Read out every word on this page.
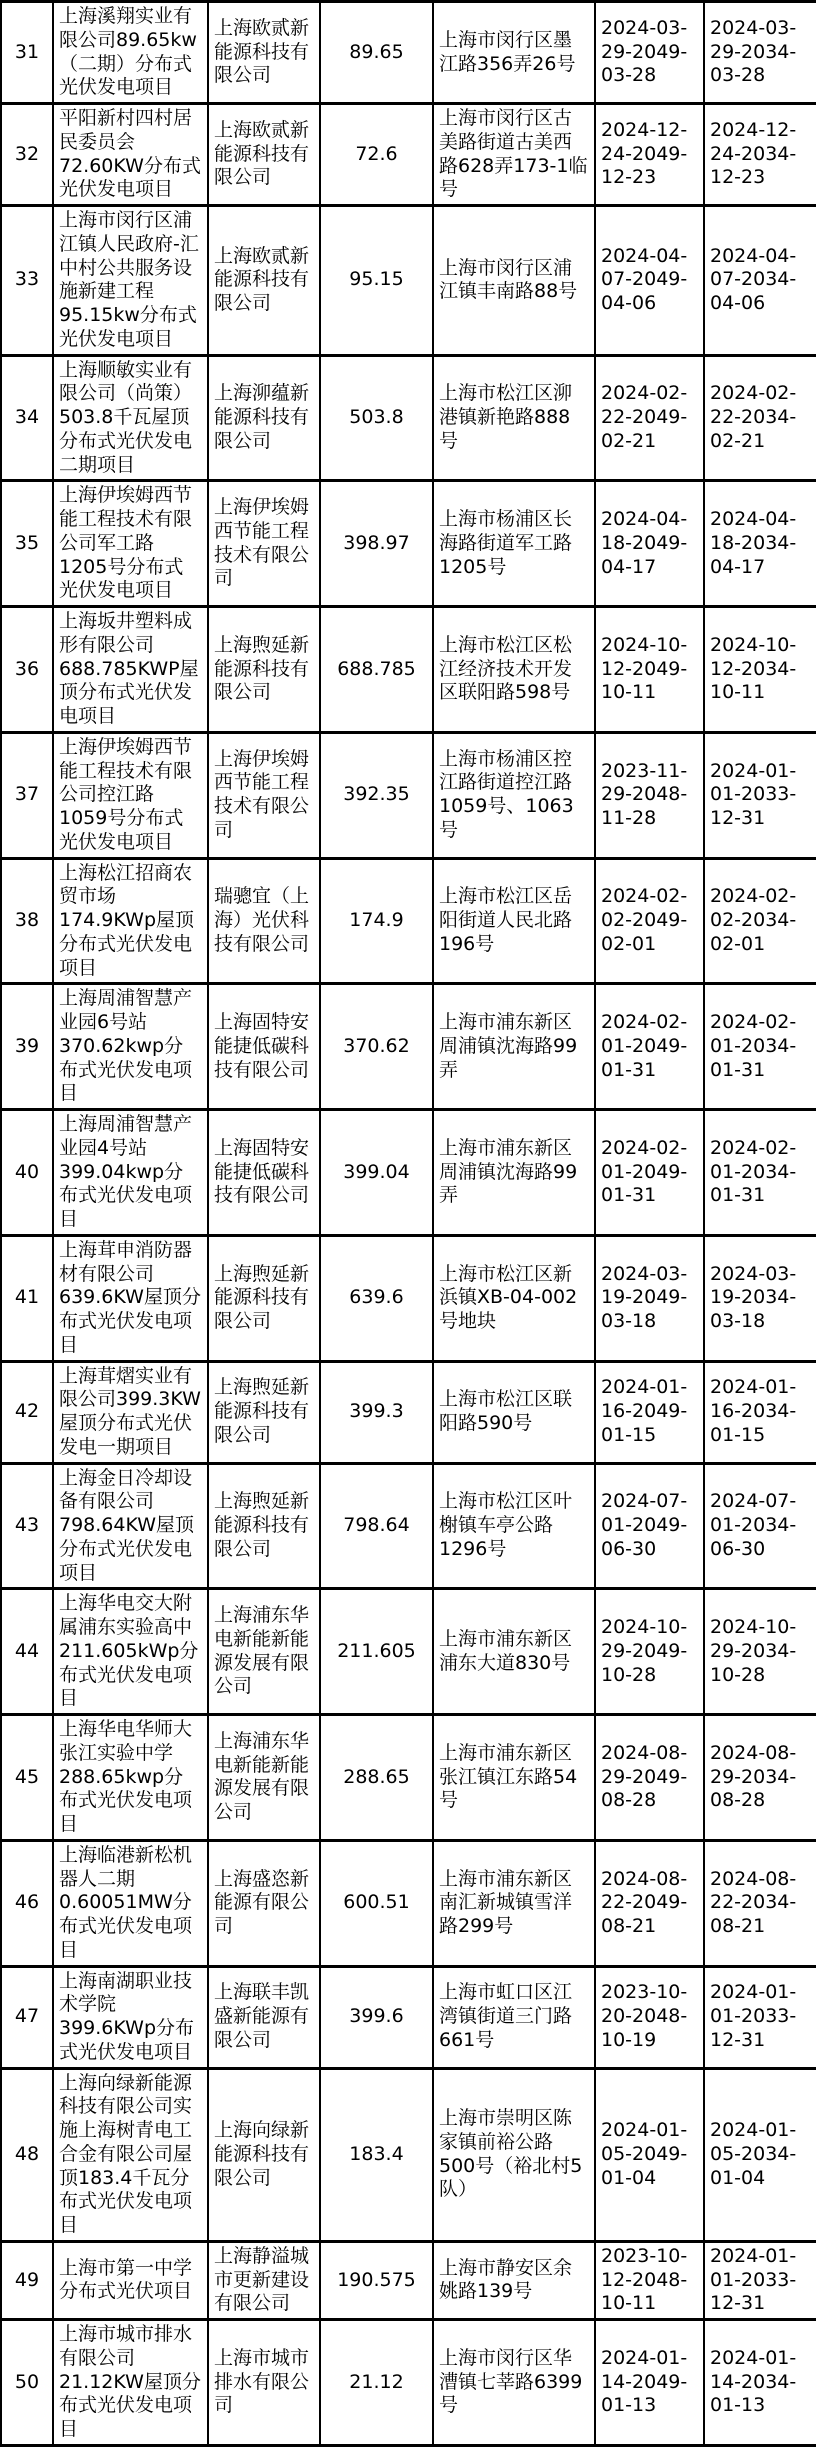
31	上海溪翔实业有限公司89.65kw（二期）分布式光伏发电项目	上海欧贰新能源科技有限公司	89.65	上海市闵行区墨江路356弄26号	2024-03-29-2049-03-28	2024-03-29-2034-03-28
32	平阳新村四村居民委员会72.60KW分布式光伏发电项目	上海欧贰新能源科技有限公司	72.6	上海市闵行区古美路街道古美西路628弄173-1临号	2024-12-24-2049-12-23	2024-12-24-2034-12-23
33	上海市闵行区浦江镇人民政府-汇中村公共服务设施新建工程95.15kw分布式光伏发电项目	上海欧贰新能源科技有限公司	95.15	上海市闵行区浦江镇丰南路88号	2024-04-07-2049-04-06	2024-04-07-2034-04-06
34	上海顺敏实业有限公司（尚策）503.8千瓦屋顶分布式光伏发电二期项目	上海泖蕴新能源科技有限公司	503.8	上海市松江区泖港镇新艳路888号	2024-02-22-2049-02-21	2024-02-22-2034-02-21
35	上海伊埃姆西节能工程技术有限公司军工路1205号分布式光伏发电项目	上海伊埃姆西节能工程技术有限公司	398.97	上海市杨浦区长海路街道军工路1205号	2024-04-18-2049-04-17	2024-04-18-2034-04-17
36	上海坂井塑料成形有限公司688.785KWP屋顶分布式光伏发电项目	上海煦延新能源科技有限公司	688.785	上海市松江区松江经济技术开发区联阳路598号	2024-10-12-2049-10-11	2024-10-12-2034-10-11
37	上海伊埃姆西节能工程技术有限公司控江路1059号分布式光伏发电项目	上海伊埃姆西节能工程技术有限公司	392.35	上海市杨浦区控江路街道控江路1059号、1063号	2023-11-29-2048-11-28	2024-01-01-2033-12-31
38	上海松江招商农贸市场174.9KWp屋顶分布式光伏发电项目	瑞骢宜（上海）光伏科技有限公司	174.9	上海市松江区岳阳街道人民北路196号	2024-02-02-2049-02-01	2024-02-02-2034-02-01
39	上海周浦智慧产业园6号站370.62kwp分布式光伏发电项目	上海固特安能捷低碳科技有限公司	370.62	上海市浦东新区周浦镇沈海路99弄	2024-02-01-2049-01-31	2024-02-01-2034-01-31
40	上海周浦智慧产业园4号站399.04kwp分布式光伏发电项目	上海固特安能捷低碳科技有限公司	399.04	上海市浦东新区周浦镇沈海路99弄	2024-02-01-2049-01-31	2024-02-01-2034-01-31
41	上海茸申消防器材有限公司639.6KW屋顶分布式光伏发电项目	上海煦延新能源科技有限公司	639.6	上海市松江区新浜镇XB-04-002号地块	2024-03-19-2049-03-18	2024-03-19-2034-03-18
42	上海茸熠实业有限公司399.3KW屋顶分布式光伏发电一期项目	上海煦延新能源科技有限公司	399.3	上海市松江区联阳路590号	2024-01-16-2049-01-15	2024-01-16-2034-01-15
43	上海金日冷却设备有限公司798.64KW屋顶分布式光伏发电项目	上海煦延新能源科技有限公司	798.64	上海市松江区叶榭镇车亭公路1296号	2024-07-01-2049-06-30	2024-07-01-2034-06-30
44	上海华电交大附属浦东实验高中211.605kWp分布式光伏发电项目	上海浦东华电新能新能源发展有限公司	211.605	上海市浦东新区浦东大道830号	2024-10-29-2049-10-28	2024-10-29-2034-10-28
45	上海华电华师大张江实验中学288.65kwp分布式光伏发电项目	上海浦东华电新能新能源发展有限公司	288.65	上海市浦东新区张江镇江东路54号	2024-08-29-2049-08-28	2024-08-29-2034-08-28
46	上海临港新松机器人二期0.60051MW分布式光伏发电项目	上海盛恣新能源有限公司	600.51	上海市浦东新区南汇新城镇雪洋路299号	2024-08-22-2049-08-21	2024-08-22-2034-08-21
47	上海南湖职业技术学院399.6KWp分布式光伏发电项目	上海联丰凯盛新能源有限公司	399.6	上海市虹口区江湾镇街道三门路661号	2023-10-20-2048-10-19	2024-01-01-2033-12-31
48	上海向绿新能源科技有限公司实施上海树青电工合金有限公司屋顶183.4千瓦分布式光伏发电项目	上海向绿新能源科技有限公司	183.4	上海市崇明区陈家镇前裕公路500号（裕北村5队）	2024-01-05-2049-01-04	2024-01-05-2034-01-04
49	上海市第一中学分布式光伏项目	上海静溢城市更新建设有限公司	190.575	上海市静安区余姚路139号	2023-10-12-2048-10-11	2024-01-01-2033-12-31
50	上海市城市排水有限公司21.12KW屋顶分布式光伏发电项目	上海市城市排水有限公司	21.12	上海市闵行区华漕镇七莘路6399号	2024-01-14-2049-01-13	2024-01-14-2034-01-13
